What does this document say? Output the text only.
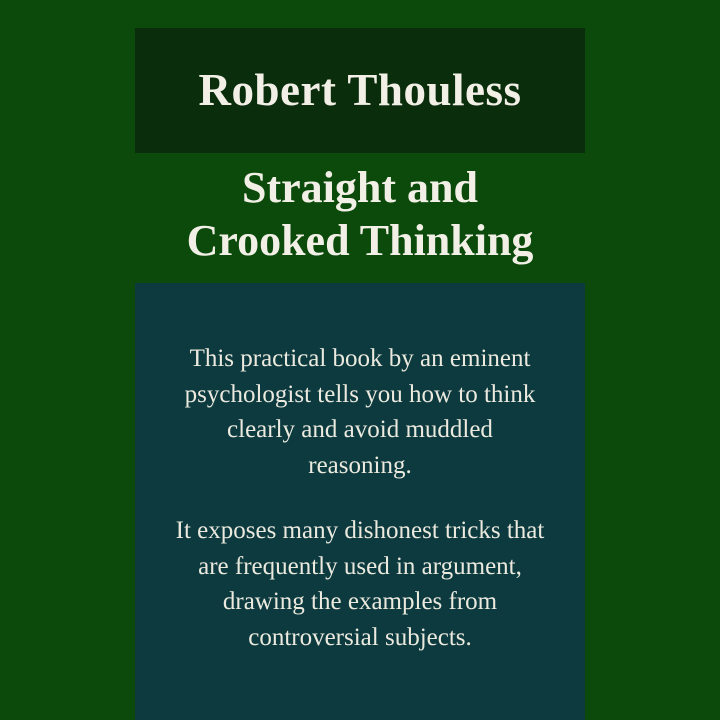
Robert Thouless
Straight and
Crooked Thinking

This practical book by an eminent psychologist tells you how to think clearly and avoid muddled reasoning.

It exposes many dishonest tricks that are frequently used in argument, drawing the examples from controversial subjects.
